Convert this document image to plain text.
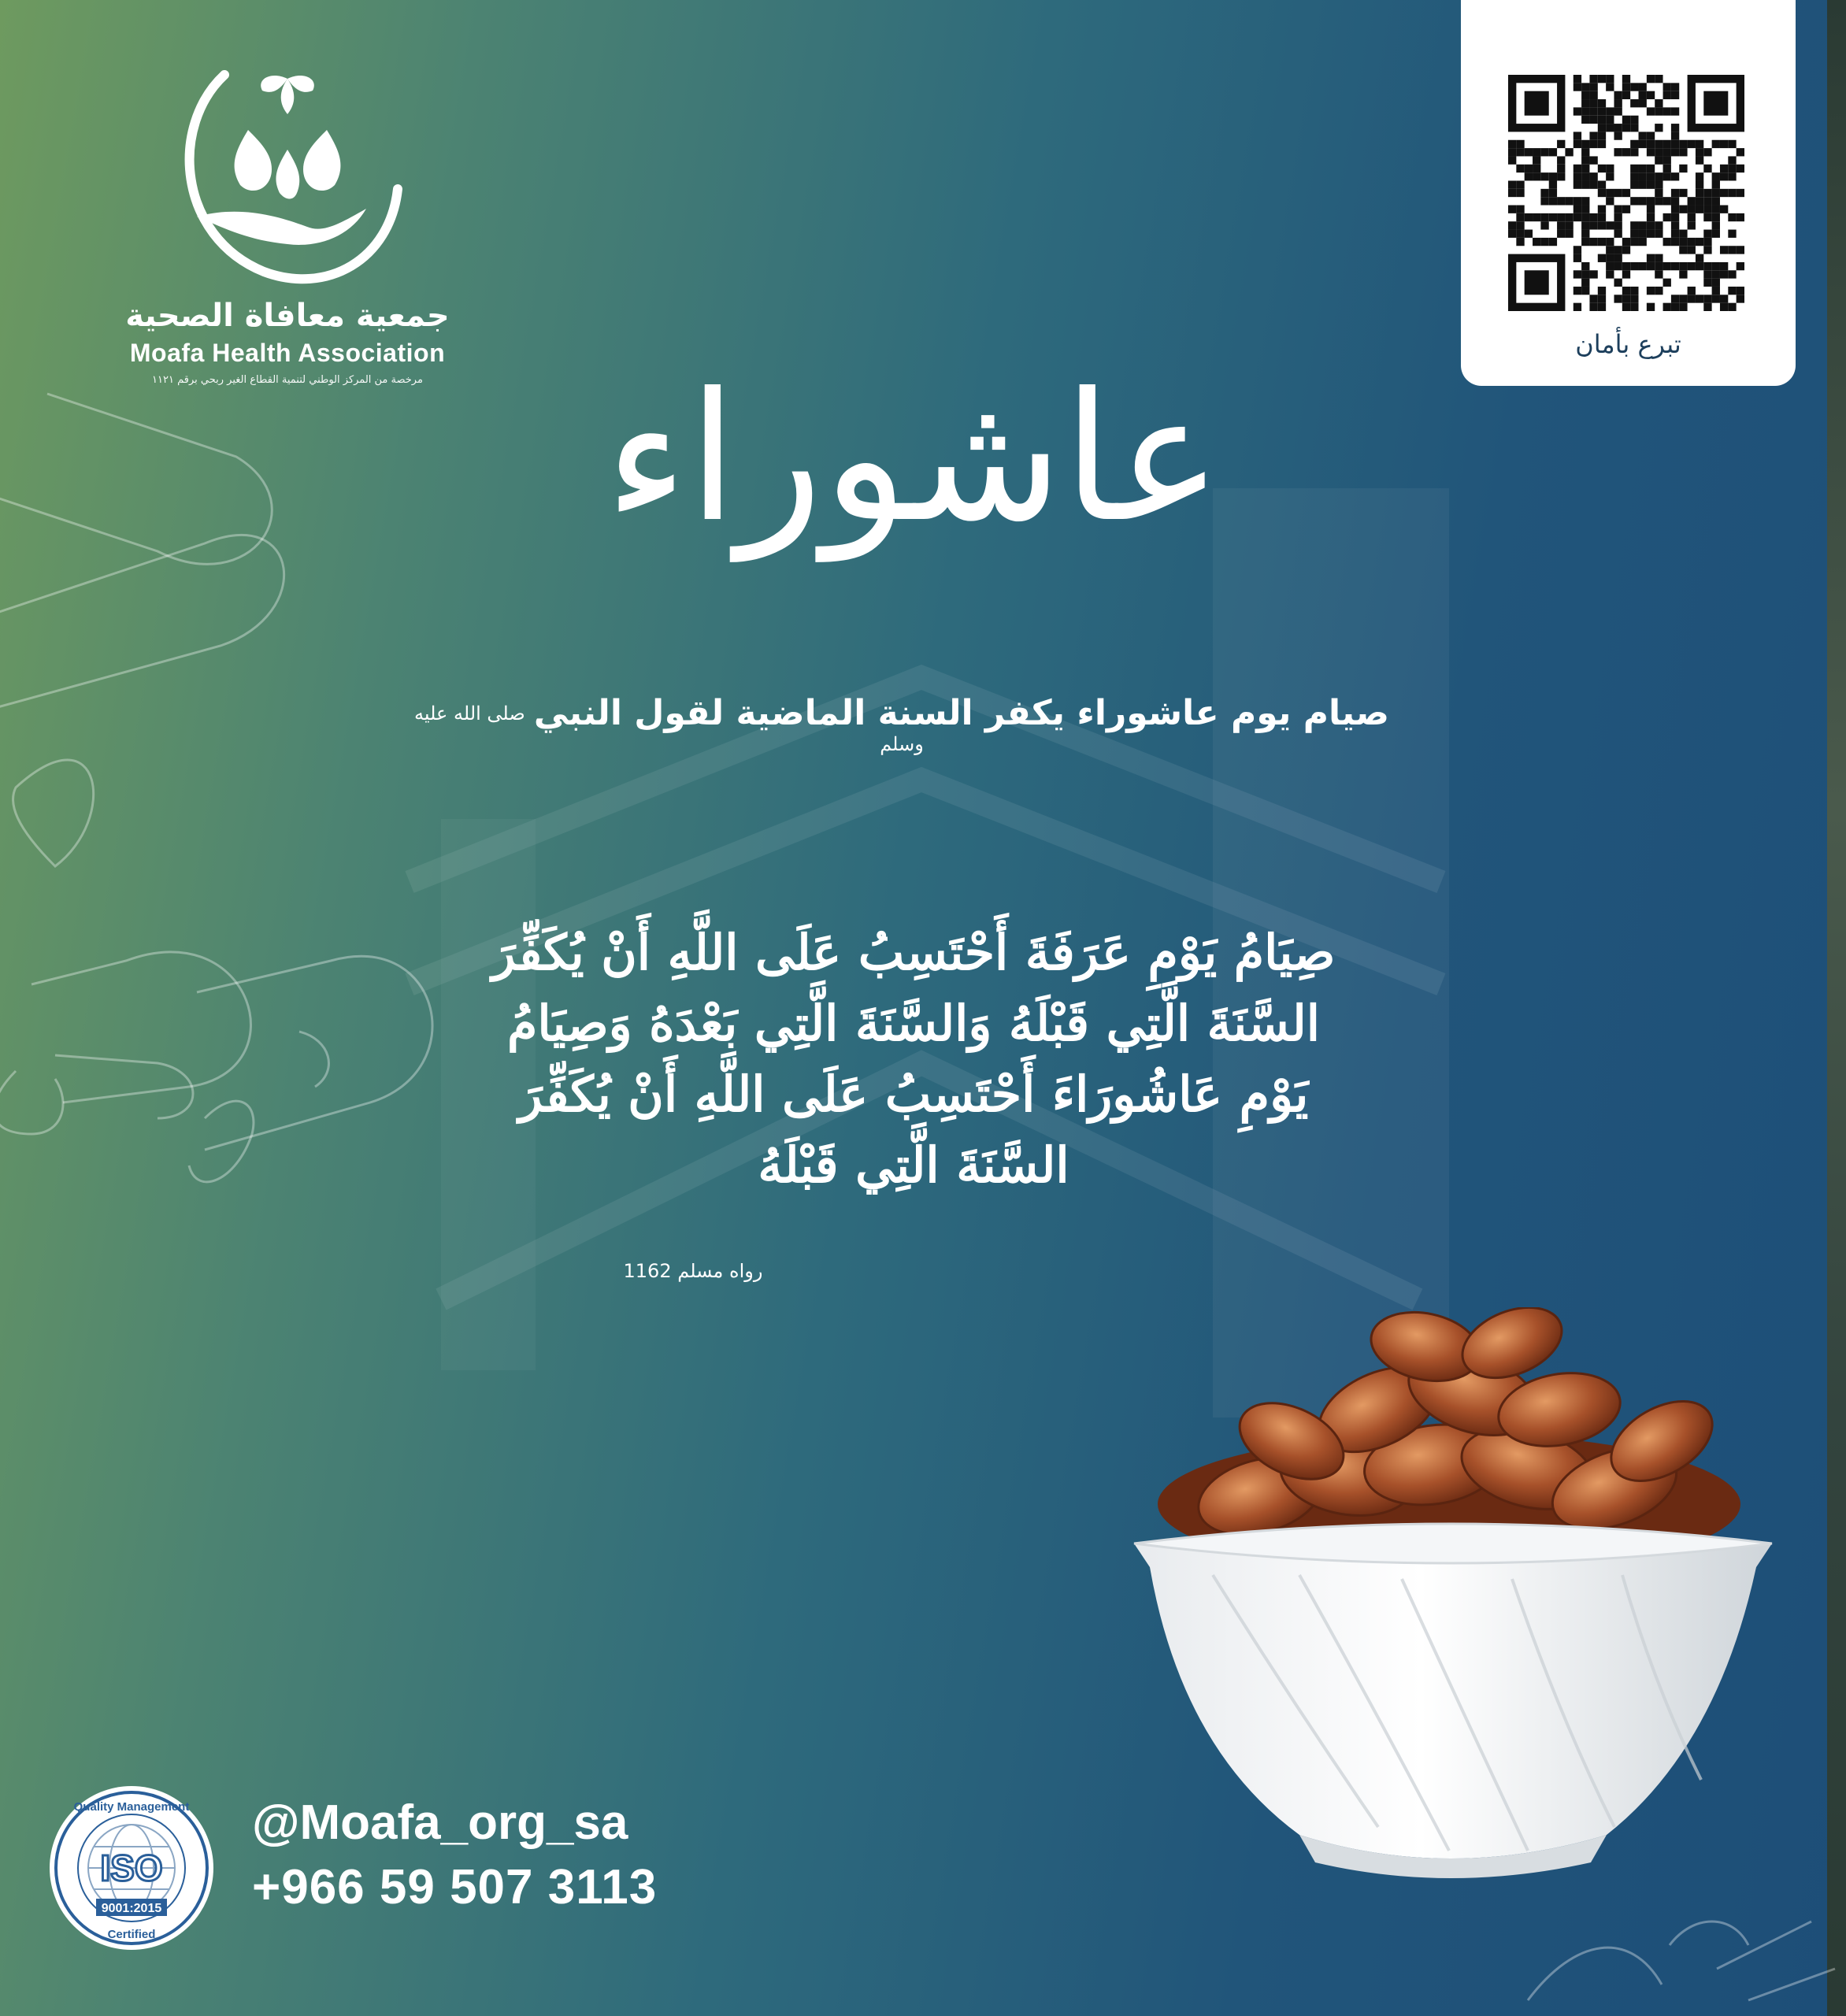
جمعية معافاة الصحية
Moafa Health Association
مرخصة من المركز الوطني لتنمية القطاع الغير ربحي برقم ١١٢١
تبرع بأمان
عاشوراء
صيام يوم عاشوراء يكفر السنة الماضية لقول النبي صلى الله عليه وسلم
صِيَامُ يَوْمِ عَرَفَةَ أَحْتَسِبُ عَلَى اللَّهِ أَنْ يُكَفِّرَ
السَّنَةَ الَّتِي قَبْلَهُ وَالسَّنَةَ الَّتِي بَعْدَهُ وَصِيَامُ
يَوْمِ عَاشُورَاءَ أَحْتَسِبُ عَلَى اللَّهِ أَنْ يُكَفِّرَ
السَّنَةَ الَّتِي قَبْلَهُ
رواه مسلم 1162
Quality Management
ISO
9001:2015
Certified
@Moafa_org_sa
+966 59 507 3113
